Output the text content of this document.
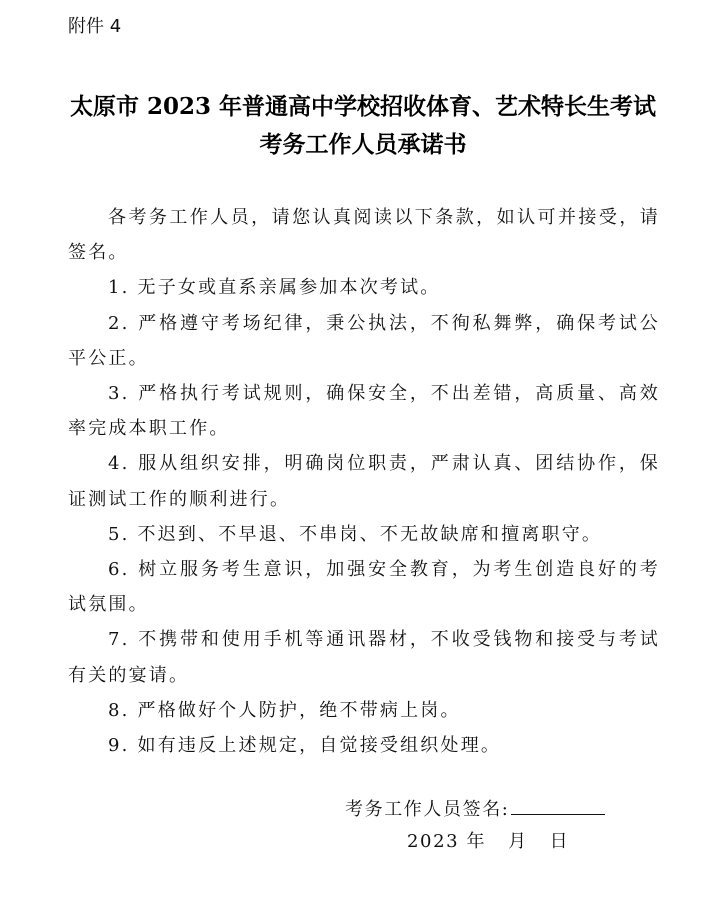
附件 4
太原市 2023 年普通高中学校招收体育、艺术特长生考试
考务工作人员承诺书

各考务工作人员，请您认真阅读以下条款，如认可并接受，请签名。

1. 无子女或直系亲属参加本次考试。

2. 严格遵守考场纪律，秉公执法，不徇私舞弊，确保考试公平公正。

3. 严格执行考试规则，确保安全，不出差错，高质量、高效率完成本职工作。

4. 服从组织安排，明确岗位职责，严肃认真、团结协作，保证测试工作的顺利进行。

5. 不迟到、不早退、不串岗、不无故缺席和擅离职守。

6. 树立服务考生意识，加强安全教育，为考生创造良好的考试氛围。

7. 不携带和使用手机等通讯器材，不收受钱物和接受与考试有关的宴请。

8. 严格做好个人防护，绝不带病上岗。

9. 如有违反上述规定，自觉接受组织处理。

考务工作人员签名:
2023 年   月   日
